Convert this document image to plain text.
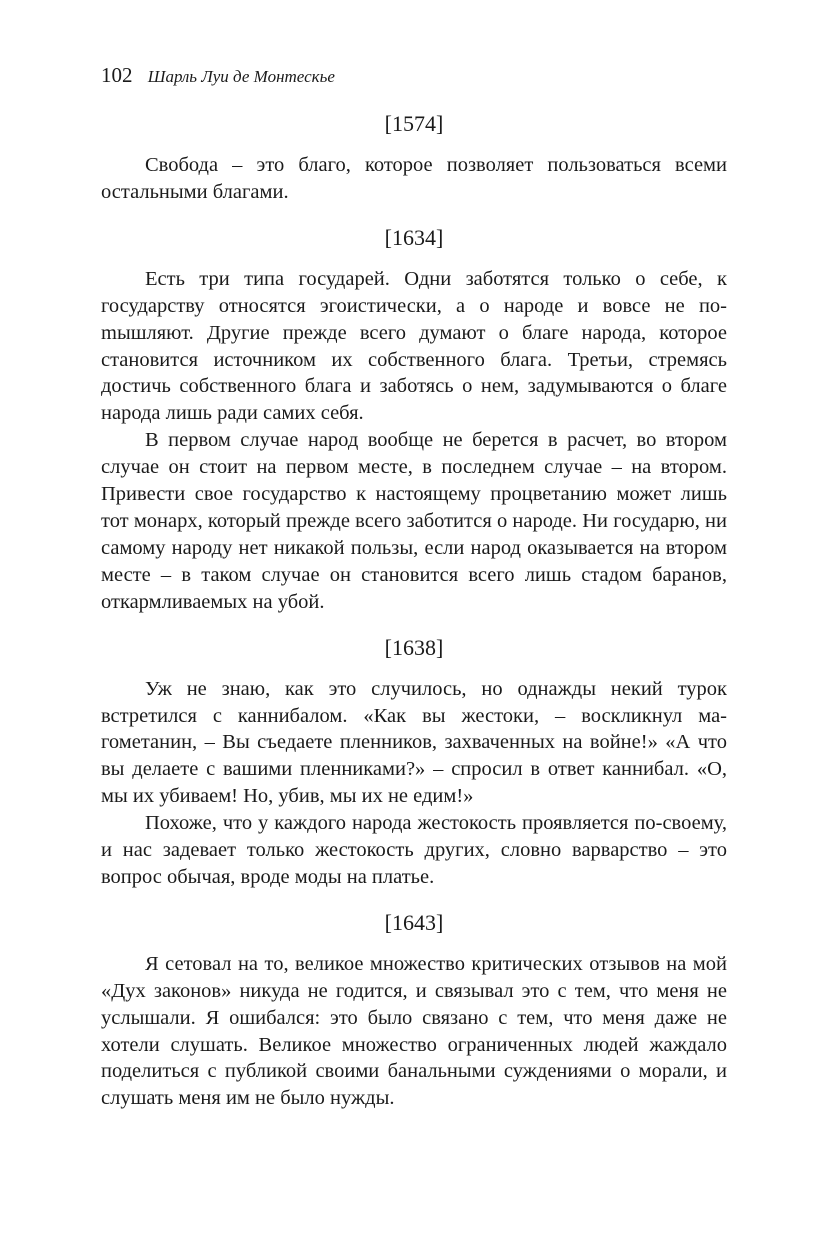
102 Шарль Луи де Монтескье
[1574]

Свобода – это благо, которое позволяет пользоваться всеми остальными благами.

[1634]

Есть три типа государей. Одни заботятся только о себе, к государству относятся эгоистически, а о народе и вовсе не поmышляют. Другие прежде всего думают о благе народа, которое становится источником их собственного блага. Третьи, стремясь достичь собственного блага и заботясь о нем, задумываются о благе народа лишь ради самих себя.

В первом случае народ вообще не берется в расчет, во втором случае он стоит на первом месте, в последнем случае – на втором. Привести свое государство к настоящему процветанию может лишь тот монарх, который прежде всего заботится о народе. Ни государю, ни самому народу нет никакой пользы, если народ оказывается на втором месте – в таком случае он становится всего лишь стадом баранов, откармливаемых на убой.

[1638]

Уж не знаю, как это случилось, но однажды некий турок встретился с каннибалом. «Как вы жестоки, – воскликнул магометанин, – Вы съедаете пленников, захваченных на войне!» «А что вы делаете с вашими пленниками?» – спросил в ответ каннибал. «О, мы их убиваем! Но, убив, мы их не едим!»

Похоже, что у каждого народа жестокость проявляется по-своему, и нас задевает только жестокость других, словно варварство – это вопрос обычая, вроде моды на платье.

[1643]

Я сетовал на то, великое множество критических отзывов на мой «Дух законов» никуда не годится, и связывал это с тем, что меня не услышали. Я ошибался: это было связано с тем, что меня даже не хотели слушать. Великое множество ограниченных людей жаждало поделиться с публикой своими банальными суждениями о морали, и слушать меня им не было нужды.
